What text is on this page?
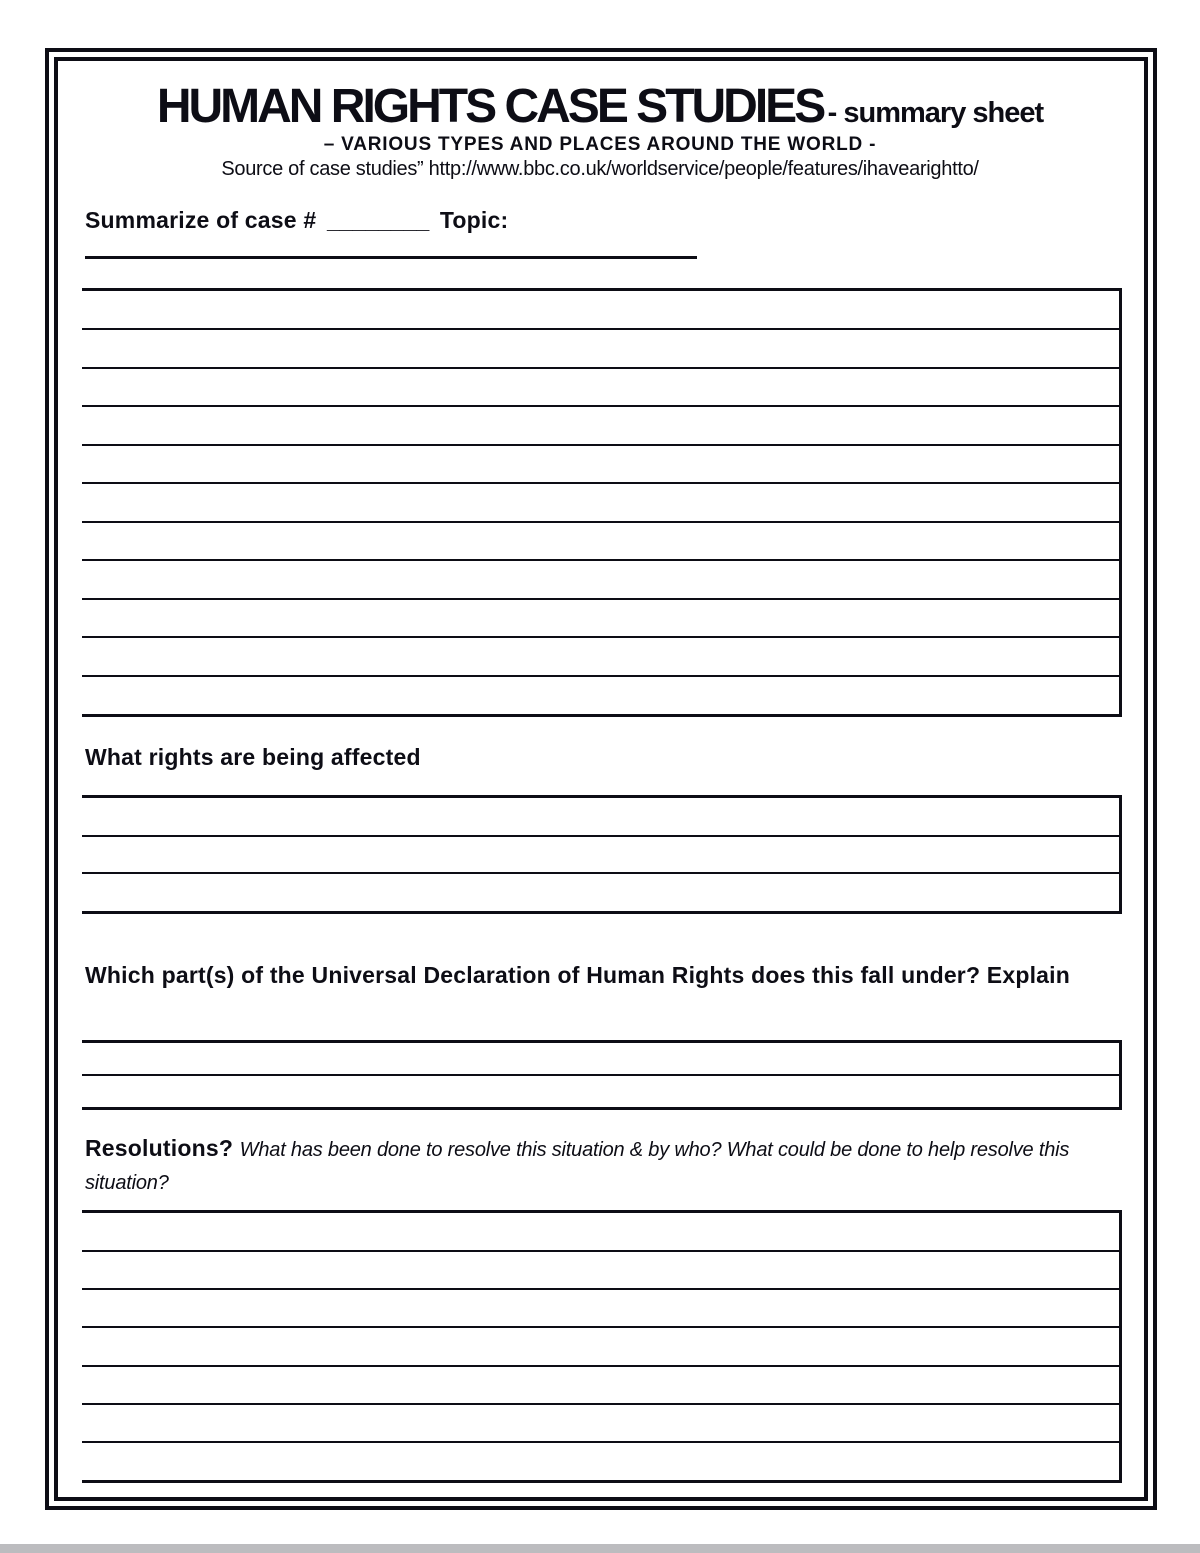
HUMAN RIGHTS CASE STUDIES - summary sheet
– VARIOUS TYPES AND PLACES AROUND THE WORLD -
Source of case studies” http://www.bbc.co.uk/worldservice/people/features/ihavearightto/
Summarize of case # ________ Topic:
What rights are being affected
Which part(s) of the Universal Declaration of Human Rights does this fall under? Explain
Resolutions? What has been done to resolve this situation & by who? What could be done to help resolve this situation?
